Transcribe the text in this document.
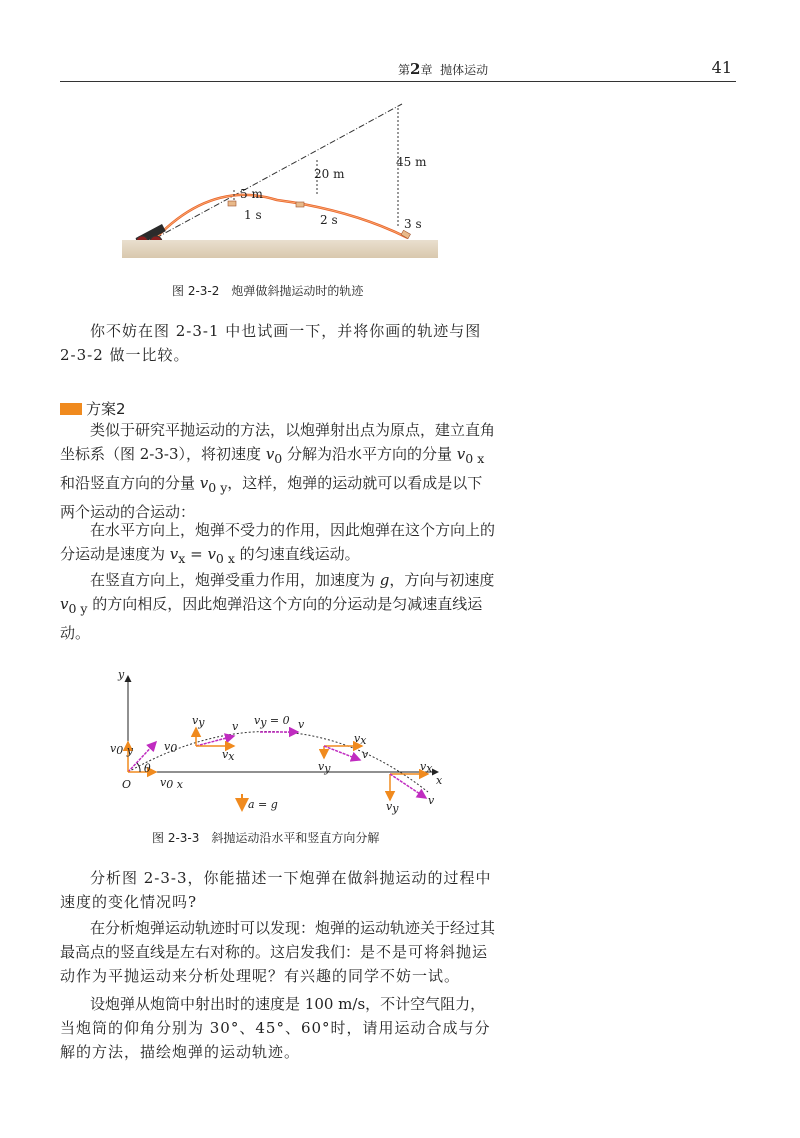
第2章 抛体运动	41
5 m
20 m
45 m
1 s	2 s	3 s
图 2-3-2 炮弹做斜抛运动时的轨迹

你不妨在图 2-3-1 中也试画一下，并将你画的轨迹与图 2-3-2 做一比较。

方案2

类似于研究平抛运动的方法，以炮弹射出点为原点，建立直角坐标系（图 2-3-3），将初速度 $v_0$ 分解为沿水平方向的分量 $v_{0 x}$ 和沿竖直方向的分量 $v_{0 y}$，这样，炮弹的运动就可以看成是以下两个运动的合运动：

在水平方向上，炮弹不受力的作用，因此炮弹在这个方向上的分运动是速度为 $v_x = v_{0 x}$ 的匀速直线运动。

在竖直方向上，炮弹受重力作用，加速度为 g，方向与初速度 $v_{0 y}$ 的方向相反，因此炮弹沿这个方向的分运动是匀减速直线运动。

y
x
O
θ
v0 y	v0
v0 x
vy	v
vx
vy = 0 v
vx
vy
v
vx
vy
v
a = g
图 2-3-3 斜抛运动沿水平和竖直方向分解

分析图 2-3-3，你能描述一下炮弹在做斜抛运动的过程中速度的变化情况吗?

在分析炮弹运动轨迹时可以发现：炮弹的运动轨迹关于经过其最高点的竖直线是左右对称的。这启发我们：是不是可将斜抛运动作为平抛运动来分析处理呢？有兴趣的同学不妨一试。

设炮弹从炮筒中射出时的速度是 100 m/s，不计空气阻力，当炮筒的仰角分别为 30°、45°、60°时，请用运动合成与分解的方法，描绘炮弹的运动轨迹。
